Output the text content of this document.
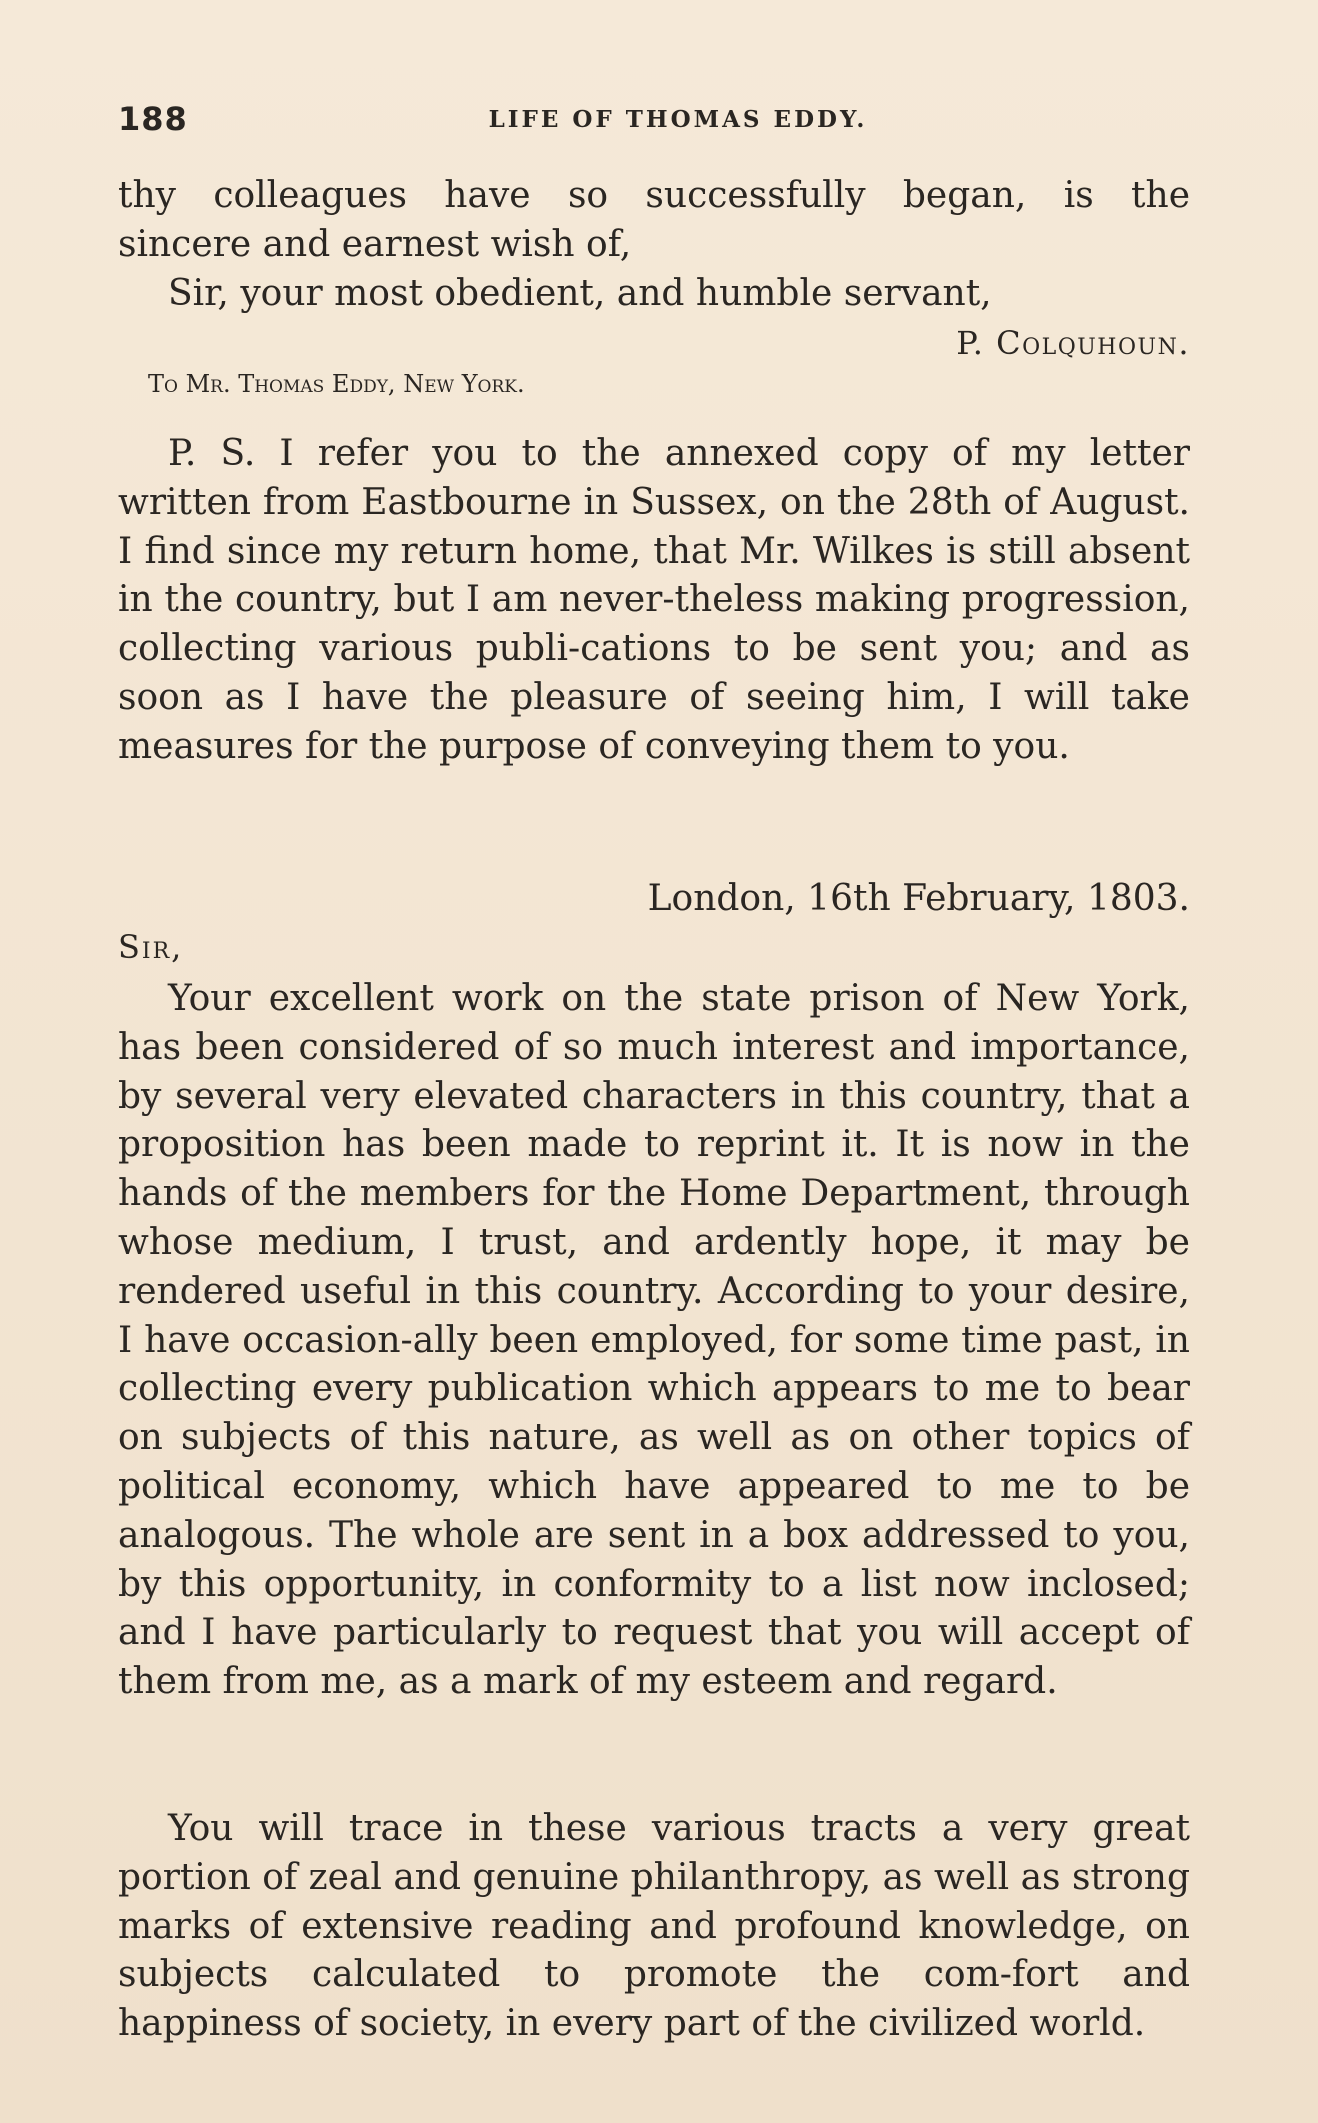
188	LIFE OF THOMAS EDDY.
thy colleagues have so successfully began, is the
sincere and earnest wish of,
Sir, your most obedient, and humble servant,
P. Colquhoun.
To Mr. Thomas Eddy, New York.
P. S. I refer you to the annexed copy of my letter written from Eastbourne in Sussex, on the 28th of August. I find since my return home, that Mr. Wilkes is still absent in the country, but I am never-theless making progression, collecting various publi-cations to be sent you; and as soon as I have the pleasure of seeing him, I will take measures for the purpose of conveying them to you.
London, 16th February, 1803.
Sir,
Your excellent work on the state prison of New York, has been considered of so much interest and importance, by several very elevated characters in this country, that a proposition has been made to reprint it. It is now in the hands of the members for the Home Department, through whose medium, I trust, and ardently hope, it may be rendered useful in this country. According to your desire, I have occasion-ally been employed, for some time past, in collecting every publication which appears to me to bear on subjects of this nature, as well as on other topics of political economy, which have appeared to me to be analogous. The whole are sent in a box addressed to you, by this opportunity, in conformity to a list now inclosed; and I have particularly to request that you will accept of them from me, as a mark of my esteem and regard.
You will trace in these various tracts a very great portion of zeal and genuine philanthropy, as well as strong marks of extensive reading and profound knowledge, on subjects calculated to promote the com-fort and happiness of society, in every part of the civilized world.
